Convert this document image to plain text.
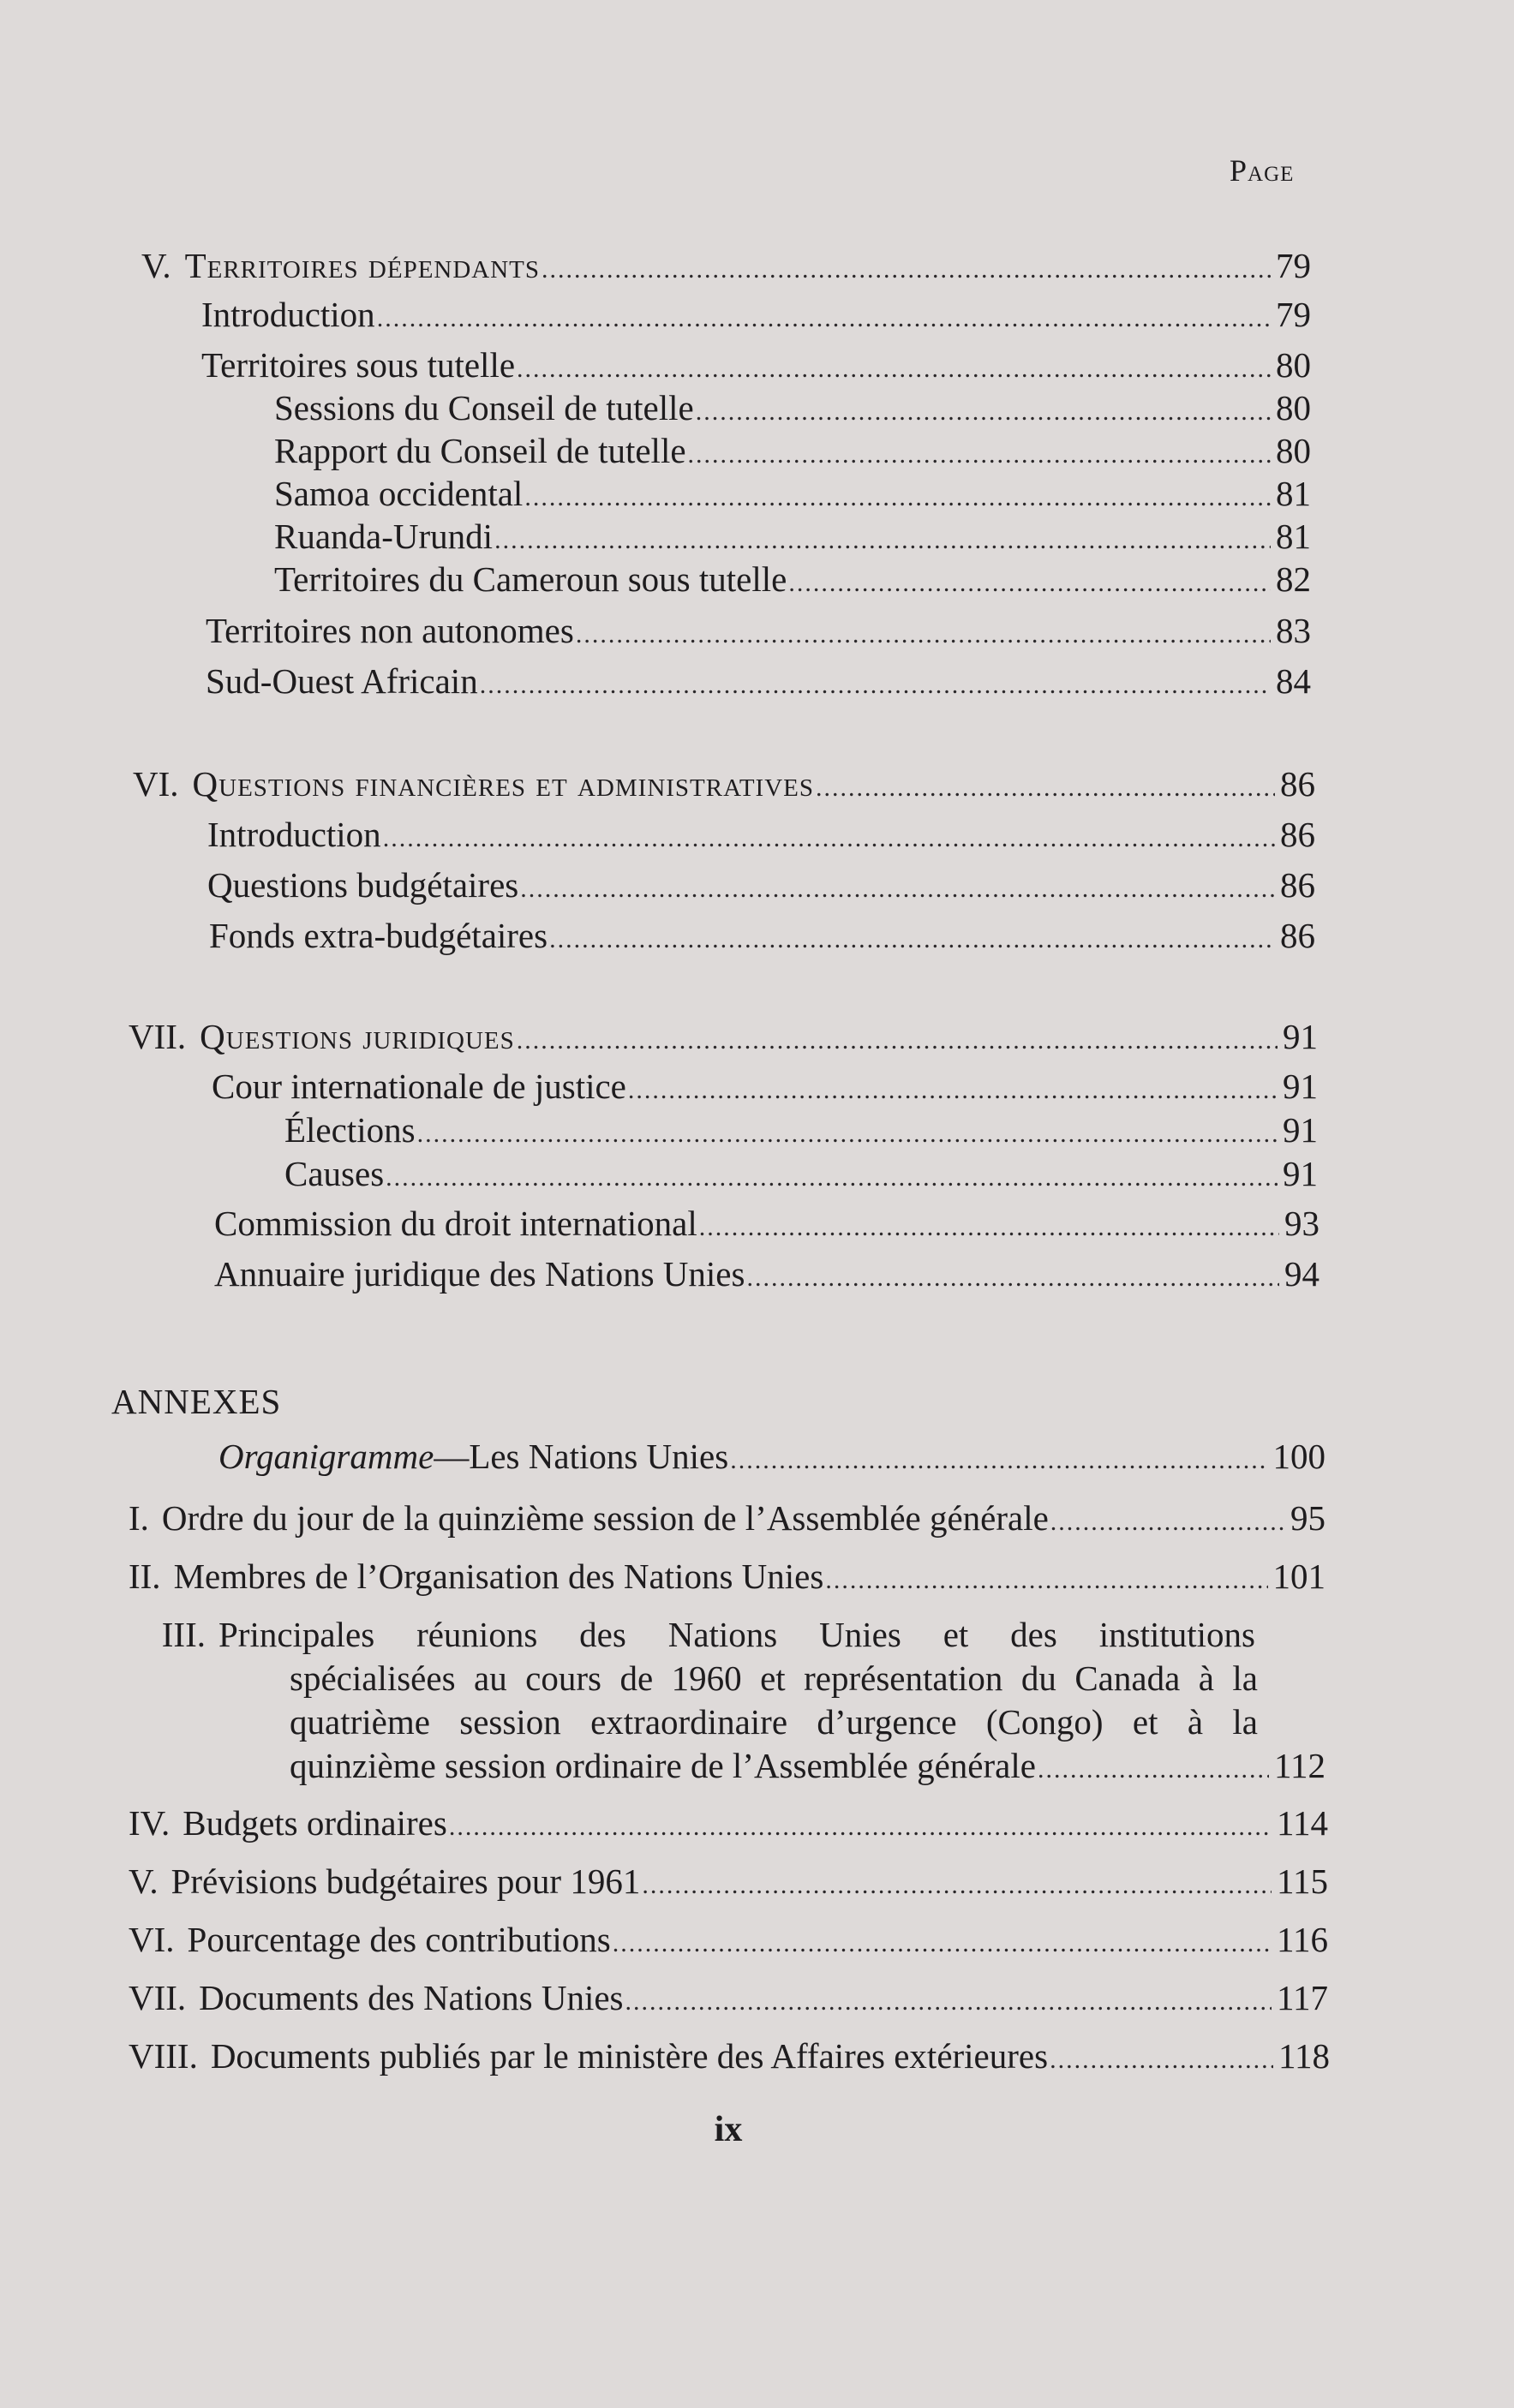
Page
V. Territoires dépendants .....	79
Introduction .....	79
Territoires sous tutelle .....	80
Sessions du Conseil de tutelle .....	80
Rapport du Conseil de tutelle .....	80
Samoa occidental .....	81
Ruanda-Urundi .....	81
Territoires du Cameroun sous tutelle .....	82
Territoires non autonomes .....	83
Sud-Ouest Africain .....	84
VI. Questions financières et administratives .....	86
Introduction .....	86
Questions budgétaires .....	86
Fonds extra-budgétaires .....	86
VII. Questions juridiques .....	91
Cour internationale de justice .....	91
Élections .....	91
Causes .....	91
Commission du droit international .....	93
Annuaire juridique des Nations Unies .....	94
ANNEXES
Organigramme—Les Nations Unies .....	100
I. Ordre du jour de la quinzième session de l’Assemblée générale .....	95
II. Membres de l’Organisation des Nations Unies .....	101
III. Principales réunions des Nations Unies et des institutions
spécialisées au cours de 1960 et représentation du Canada à la
quatrième session extraordinaire d’urgence (Congo) et à la
quinzième session ordinaire de l’Assemblée générale .....	112
IV. Budgets ordinaires .....	114
V. Prévisions budgétaires pour 1961 .....	115
VI. Pourcentage des contributions .....	116
VII. Documents des Nations Unies .....	117
VIII. Documents publiés par le ministère des Affaires extérieures .....	118
ix
